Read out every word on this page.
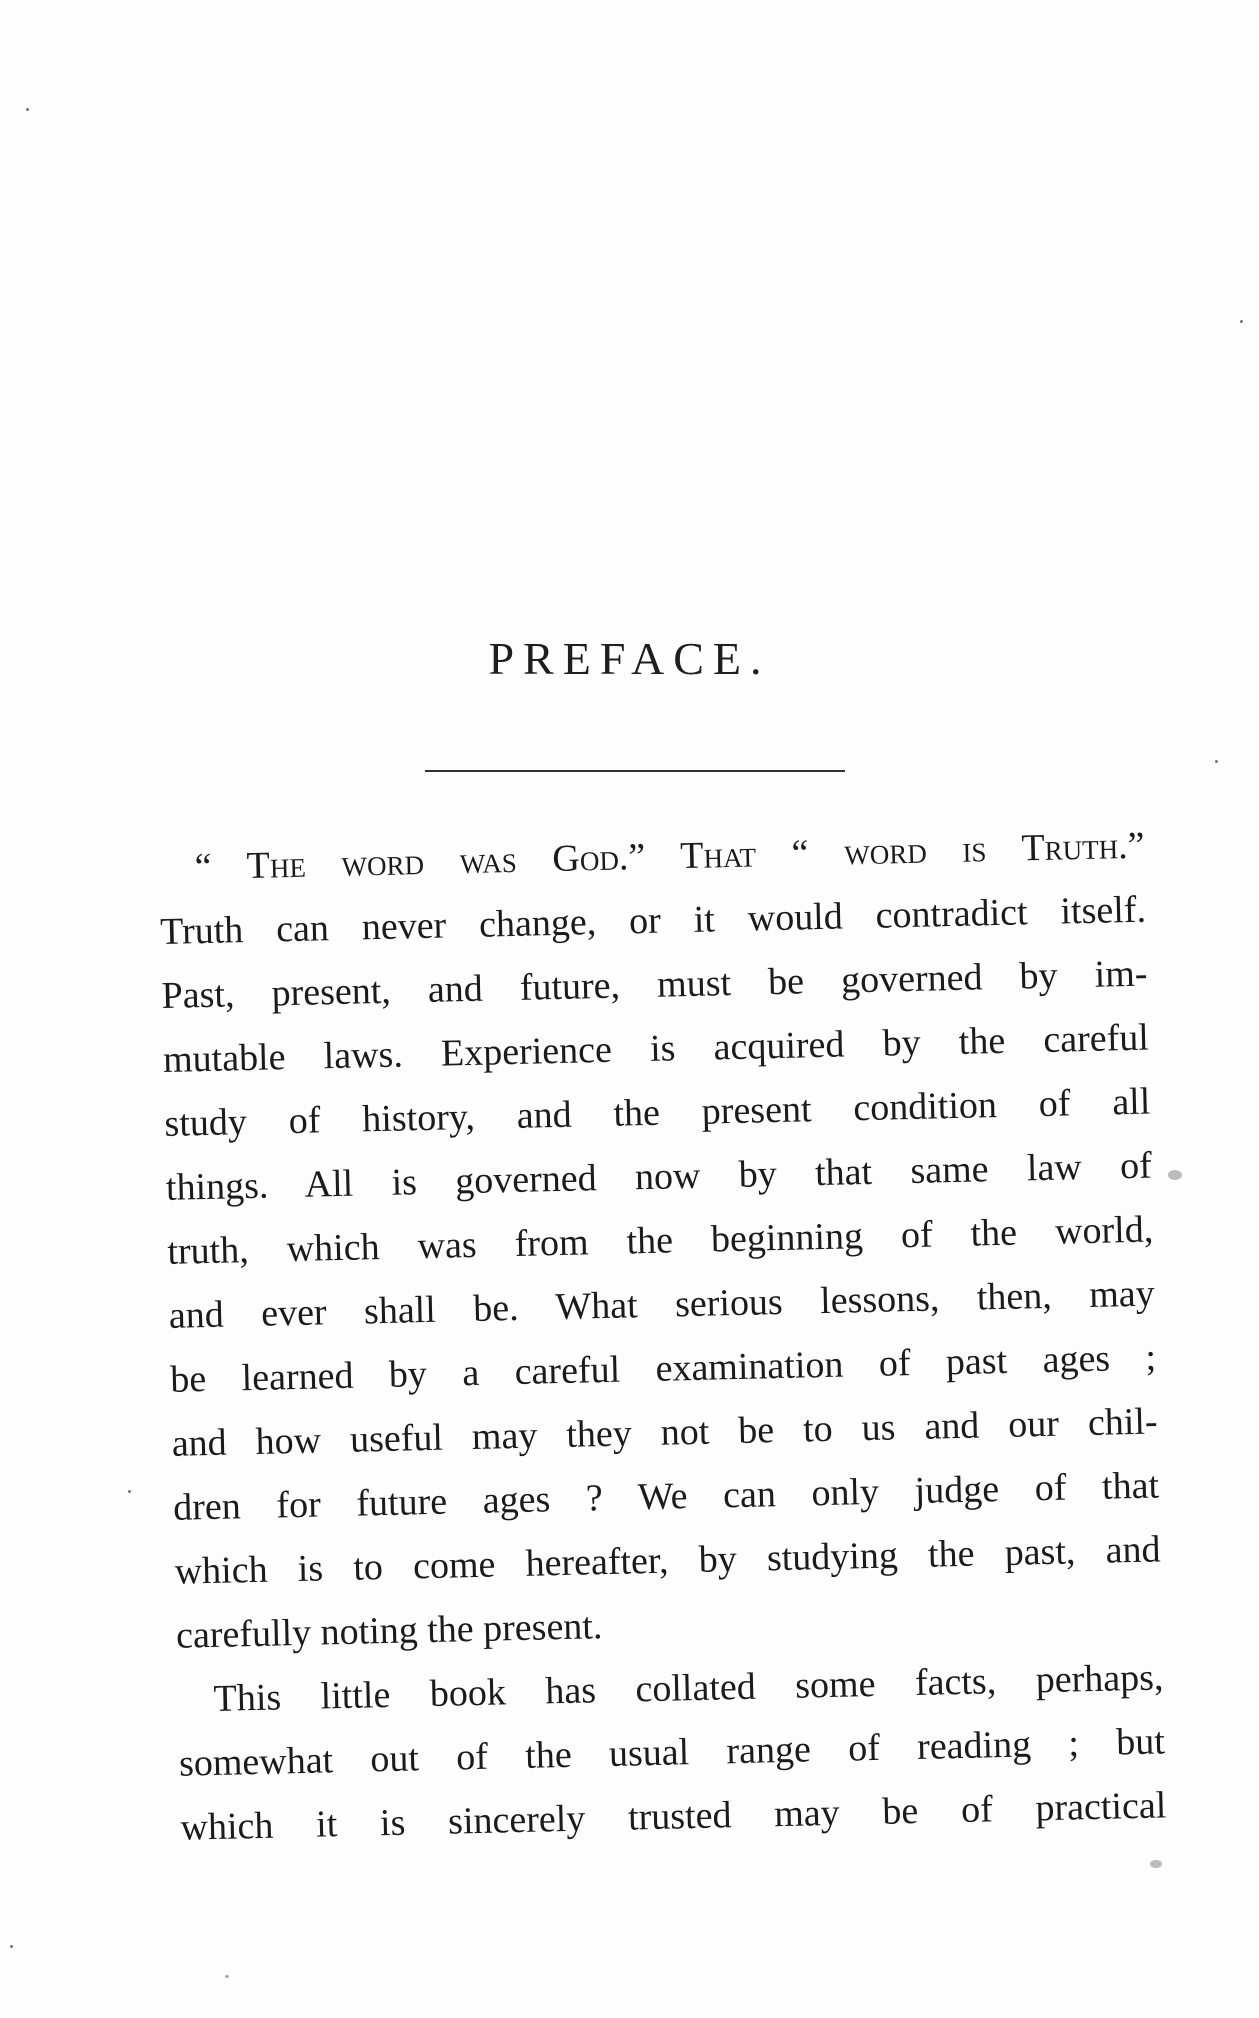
PREFACE.
“ The word was God.” That “ word is Truth.”
Truth can never change, or it would contradict itself.
Past, present, and future, must be governed by im-
mutable laws. Experience is acquired by the careful
study of history, and the present condition of all
things. All is governed now by that same law of
truth, which was from the beginning of the world,
and ever shall be. What serious lessons, then, may
be learned by a careful examination of past ages ;
and how useful may they not be to us and our chil-
dren for future ages ? We can only judge of that
which is to come hereafter, by studying the past, and
carefully noting the present.
This little book has collated some facts, perhaps,
somewhat out of the usual range of reading ; but
which it is sincerely trusted may be of practical
